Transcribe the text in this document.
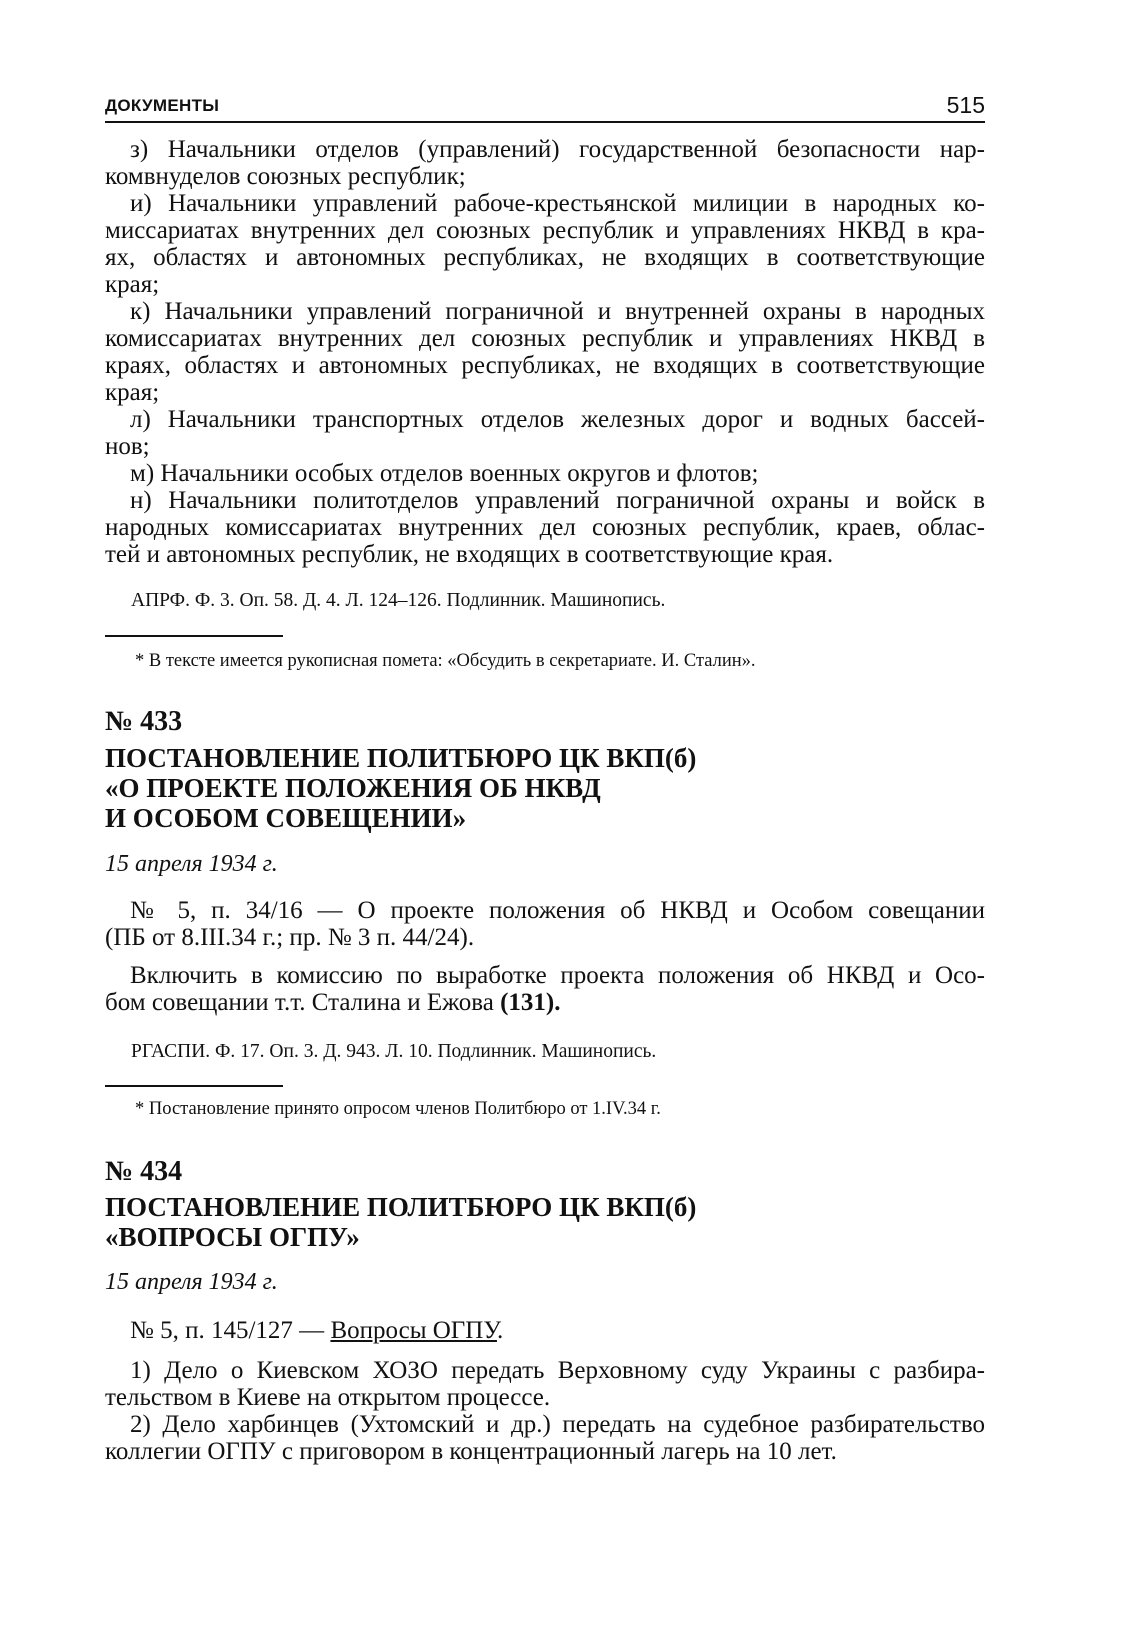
ДОКУМЕНТЫ	515
з) Начальники отделов (управлений) государственной безопасности нар-
комвнуделов союзных республик;
и) Начальники управлений рабоче-крестьянской милиции в народных ко-
миссариатах внутренних дел союзных республик и управлениях НКВД в кра-
ях, областях и автономных республиках, не входящих в соответствующие
края;
к) Начальники управлений пограничной и внутренней охраны в народных
комиссариатах внутренних дел союзных республик и управлениях НКВД в
краях, областях и автономных республиках, не входящих в соответствующие
края;
л) Начальники транспортных отделов железных дорог и водных бассей-
нов;
м) Начальники особых отделов военных округов и флотов;
н) Начальники политотделов управлений пограничной охраны и войск в
народных комиссариатах внутренних дел союзных республик, краев, облас-
тей и автономных республик, не входящих в соответствующие края.
АПРФ. Ф. 3. Оп. 58. Д. 4. Л. 124–126. Подлинник. Машинопись.
* В тексте имеется рукописная помета: «Обсудить в секретариате. И. Сталин».
№ 433
ПОСТАНОВЛЕНИЕ ПОЛИТБЮРО ЦК ВКП(б)
«О ПРОЕКТЕ ПОЛОЖЕНИЯ ОБ НКВД
И ОСОБОМ СОВЕЩЕНИИ»
15 апреля 1934 г.
№ 5, п. 34/16 — О проекте положения об НКВД и Особом совещании
(ПБ от 8.III.34 г.; пр. № 3 п. 44/24).
Включить в комиссию по выработке проекта положения об НКВД и Осо-
бом совещании т.т. Сталина и Ежова (131).
РГАСПИ. Ф. 17. Оп. 3. Д. 943. Л. 10. Подлинник. Машинопись.
* Постановление принято опросом членов Политбюро от 1.IV.34 г.
№ 434
ПОСТАНОВЛЕНИЕ ПОЛИТБЮРО ЦК ВКП(б)
«ВОПРОСЫ ОГПУ»
15 апреля 1934 г.
№ 5, п. 145/127 — Вопросы ОГПУ.
1) Дело о Киевском ХОЗО передать Верховному суду Украины с разбира-
тельством в Киеве на открытом процессе.
2) Дело харбинцев (Ухтомский и др.) передать на судебное разбирательство
коллегии ОГПУ с приговором в концентрационный лагерь на 10 лет.
